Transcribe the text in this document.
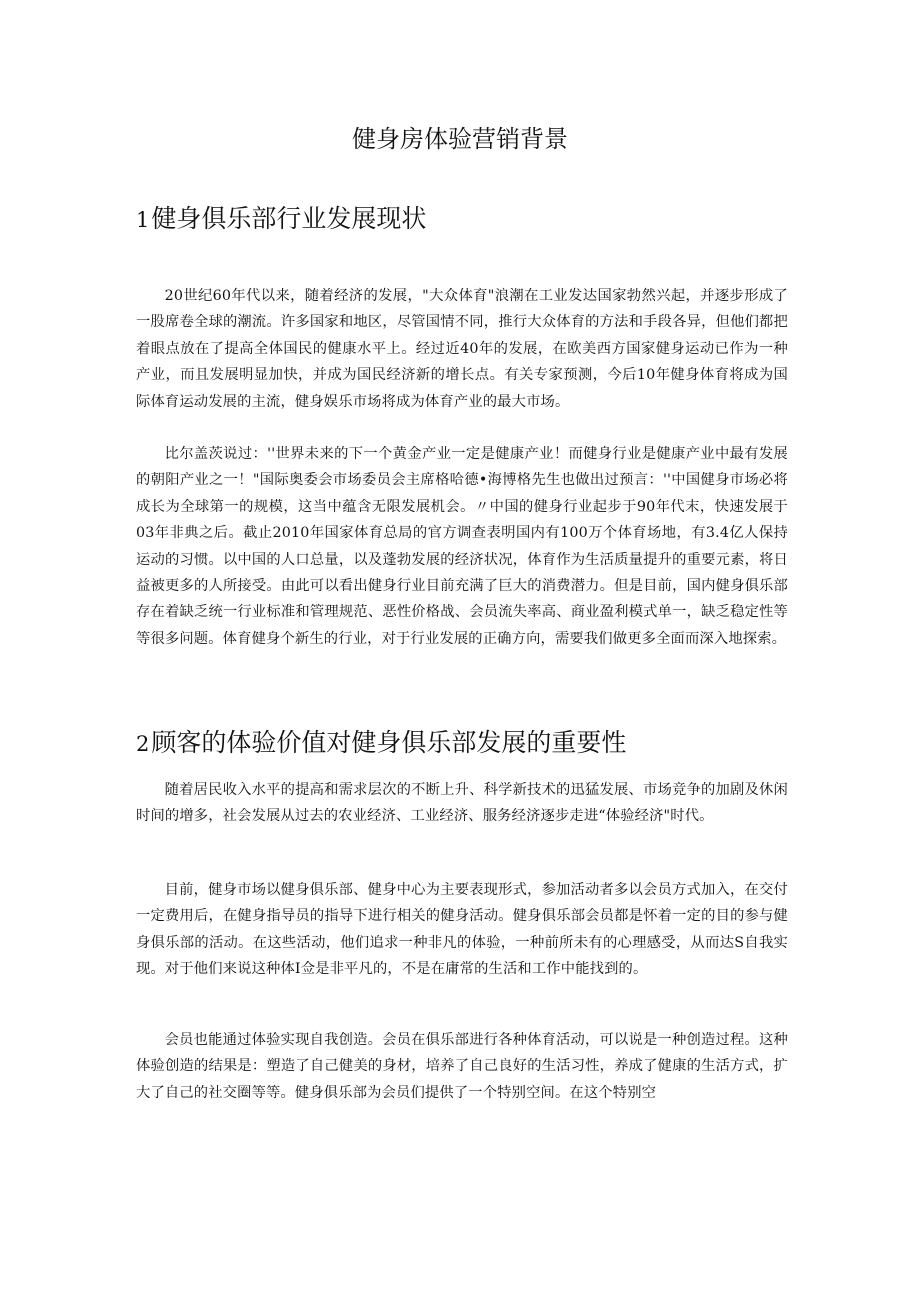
健身房体验营销背景
1健身俱乐部行业发展现状

20世纪60年代以来，随着经济的发展，"大众体育"浪潮在工业发达国家勃然兴起，并逐步形成了一股席卷全球的潮流。许多国家和地区，尽管国情不同，推行大众体育的方法和手段各异，但他们都把着眼点放在了提高全体国民的健康水平上。经过近40年的发展，在欧美西方国家健身运动已作为一种产业，而且发展明显加快，并成为国民经济新的增长点。有关专家预测，今后10年健身体育将成为国际体育运动发展的主流，健身娱乐市场将成为体育产业的最大市场。

比尔盖茨说过：''世界未来的下一个黄金产业一定是健康产业！而健身行业是健康产业中最有发展的朝阳产业之一！"国际奥委会市场委员会主席格哈德•海博格先生也做出过预言：''中国健身市场必将成长为全球第一的规模，这当中蕴含无限发展机会。〃中国的健身行业起步于90年代末，快速发展于03年非典之后。截止2010年国家体育总局的官方调查表明国内有100万个体育场地，有3.4亿人保持运动的习惯。以中国的人口总量，以及蓬勃发展的经济状况，体育作为生活质量提升的重要元素，将日益被更多的人所接受。由此可以看出健身行业目前充满了巨大的消费潜力。但是目前，国内健身俱乐部存在着缺乏统一行业标准和管理规范、恶性价格战、会员流失率高、商业盈利模式单一，缺乏稳定性等等很多问题。体育健身个新生的行业，对于行业发展的正确方向，需要我们做更多全面而深入地探索。

2顾客的体验价值对健身俱乐部发展的重要性

随着居民收入水平的提高和需求层次的不断上升、科学新技术的迅猛发展、市场竞争的加剧及休闲时间的增多，社会发展从过去的农业经济、工业经济、服务经济逐步走进“体验经济"时代。

目前，健身市场以健身俱乐部、健身中心为主要表现形式，参加活动者多以会员方式加入，在交付一定费用后，在健身指导员的指导下进行相关的健身活动。健身俱乐部会员都是怀着一定的目的参与健身俱乐部的活动。在这些活动，他们追求一种非凡的体验，一种前所未有的心理感受，从而达S自我实现。对于他们来说这种体I佥是非平凡的，不是在庸常的生活和工作中能找到的。

会员也能通过体验实现自我创造。会员在俱乐部进行各种体育活动，可以说是一种创造过程。这种体验创造的结果是：塑造了自己健美的身材，培养了自己良好的生活习性，养成了健康的生活方式，扩大了自己的社交圈等等。健身俱乐部为会员们提供了一个特别空间。在这个特别空
